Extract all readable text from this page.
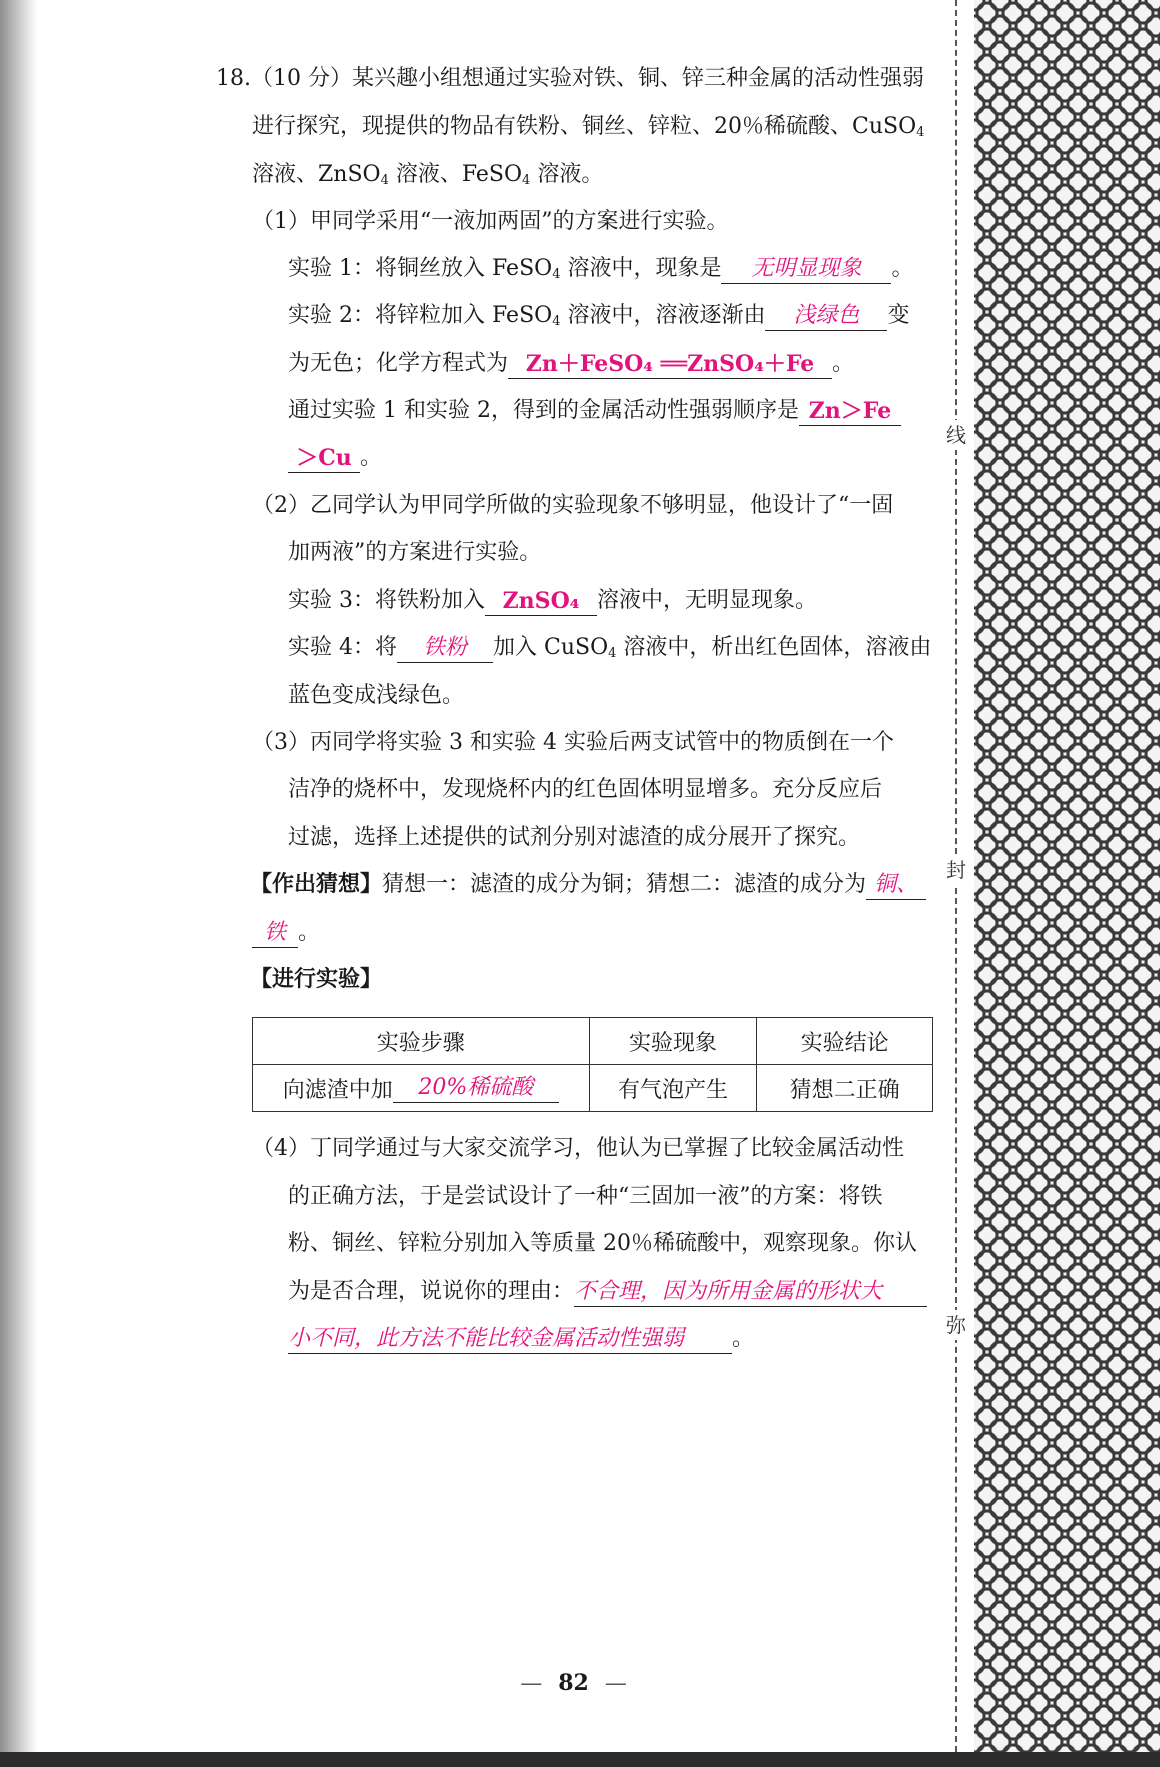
线
封
弥
18.（10 分）某兴趣小组想通过实验对铁、铜、锌三种金属的活动性强弱
进行探究，现提供的物品有铁粉、铜丝、锌粒、20％稀硫酸、CuSO$_4$
溶液、ZnSO$_4$ 溶液、FeSO$_4$ 溶液。
（1）甲同学采用“一液加两固”的方案进行实验。
实验 1：将铜丝放入 FeSO$_4$ 溶液中，现象是 无明显现象 。
实验 2：将锌粒加入 FeSO$_4$ 溶液中，溶液逐渐由 浅绿色 变
为无色；化学方程式为 Zn＋FeSO₄ ══ZnSO₄＋Fe 。
通过实验 1 和实验 2，得到的金属活动性强弱顺序是 Zn＞Fe
＞Cu 。
（2）乙同学认为甲同学所做的实验现象不够明显，他设计了“一固
加两液”的方案进行实验。
实验 3：将铁粉加入 ZnSO₄ 溶液中，无明显现象。
实验 4：将 铁粉 加入 CuSO$_4$ 溶液中，析出红色固体，溶液由
蓝色变成浅绿色。
（3）丙同学将实验 3 和实验 4 实验后两支试管中的物质倒在一个
洁净的烧杯中，发现烧杯内的红色固体明显增多。充分反应后
过滤，选择上述提供的试剂分别对滤渣的成分展开了探究。
【作出猜想】猜想一：滤渣的成分为铜；猜想二：滤渣的成分为 铜、
铁 。
【进行实验】
实验步骤	实验现象	实验结论
向滤渣中加 20%稀硫酸	有气泡产生	猜想二正确
（4）丁同学通过与大家交流学习，他认为已掌握了比较金属活动性
的正确方法，于是尝试设计了一种“三固加一液”的方案：将铁
粉、铜丝、锌粒分别加入等质量 20％稀硫酸中，观察现象。你认
为是否合理，说说你的理由：不合理，因为所用金属的形状大
小不同，此方法不能比较金属活动性强弱 。
— 82 —
